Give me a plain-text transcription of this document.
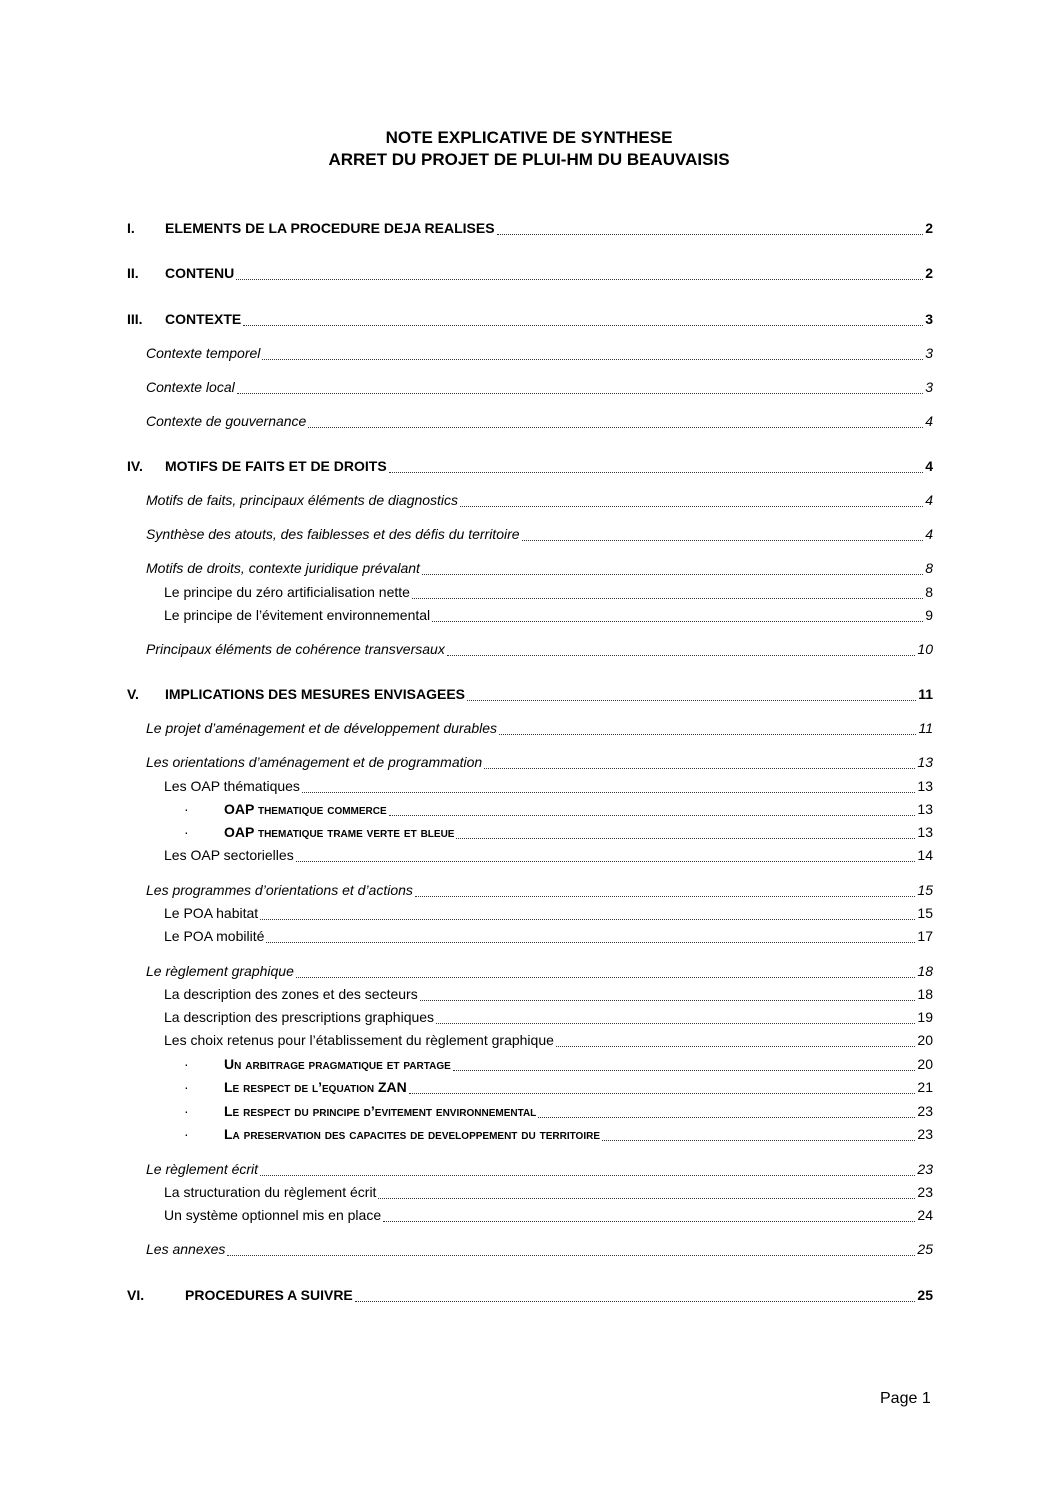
NOTE EXPLICATIVE DE SYNTHESE
ARRET DU PROJET DE PLUI-HM DU BEAUVAISIS
I.	ELEMENTS DE LA PROCEDURE DEJA REALISES	2
II.	CONTENU	2
III.	CONTEXTE	3
Contexte temporel	3
Contexte local	3
Contexte de gouvernance	4
IV.	MOTIFS DE FAITS ET DE DROITS	4
Motifs de faits, principaux éléments de diagnostics	4
Synthèse des atouts, des faiblesses et des défis du territoire	4
Motifs de droits, contexte juridique prévalant	8
Le principe du zéro artificialisation nette	8
Le principe de l’évitement environnemental	9
Principaux éléments de cohérence transversaux	10
V.	IMPLICATIONS DES MESURES ENVISAGEES	11
Le projet d’aménagement et de développement durables	11
Les orientations d’aménagement et de programmation	13
Les OAP thématiques	13
·	OAP thematique commerce	13
·	OAP thematique trame verte et bleue	13
Les OAP sectorielles	14
Les programmes d’orientations et d’actions	15
Le POA habitat	15
Le POA mobilité	17
Le règlement graphique	18
La description des zones et des secteurs	18
La description des prescriptions graphiques	19
Les choix retenus pour l’établissement du règlement graphique	20
·	Un arbitrage pragmatique et partage	20
·	Le respect de l’equation ZAN	21
·	Le respect du principe d’evitement environnemental	23
·	La preservation des capacites de developpement du territoire	23
Le règlement écrit	23
La structuration du règlement écrit	23
Un système optionnel mis en place	24
Les annexes	25
VI.	PROCEDURES A SUIVRE	25
Page 1
